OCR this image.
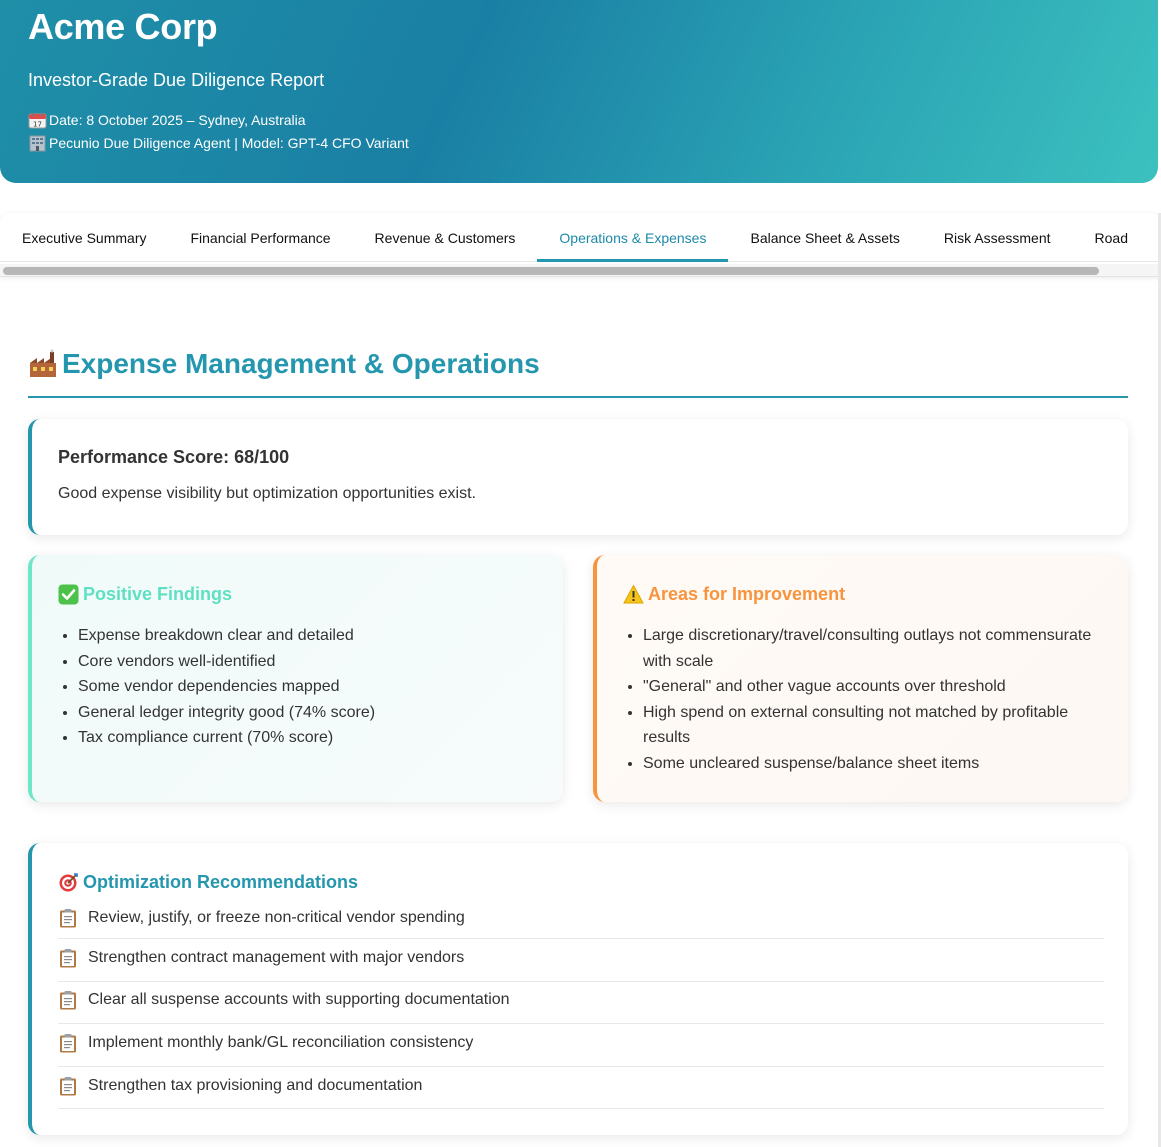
Acme Corp
Investor-Grade Due Diligence Report
17 Date: 8 October 2025 – Sydney, Australia
Pecunio Due Diligence Agent | Model: GPT-4 CFO Variant
Executive Summary	Financial Performance	Revenue & Customers	Operations & Expenses	Balance Sheet & Assets	Risk Assessment	Road
Expense Management & Operations

Performance Score: 68/100

Good expense visibility but optimization opportunities exist.
Positive Findings
• Expense breakdown clear and detailed
• Core vendors well-identified
• Some vendor dependencies mapped
• General ledger integrity good (74% score)
• Tax compliance current (70% score)
Areas for Improvement
• Large discretionary/travel/consulting outlays not commensurate with scale
• "General" and other vague accounts over threshold
• High spend on external consulting not matched by profitable results
• Some uncleared suspense/balance sheet items
Optimization Recommendations
Review, justify, or freeze non-critical vendor spending
Strengthen contract management with major vendors
Clear all suspense accounts with supporting documentation
Implement monthly bank/GL reconciliation consistency
Strengthen tax provisioning and documentation
